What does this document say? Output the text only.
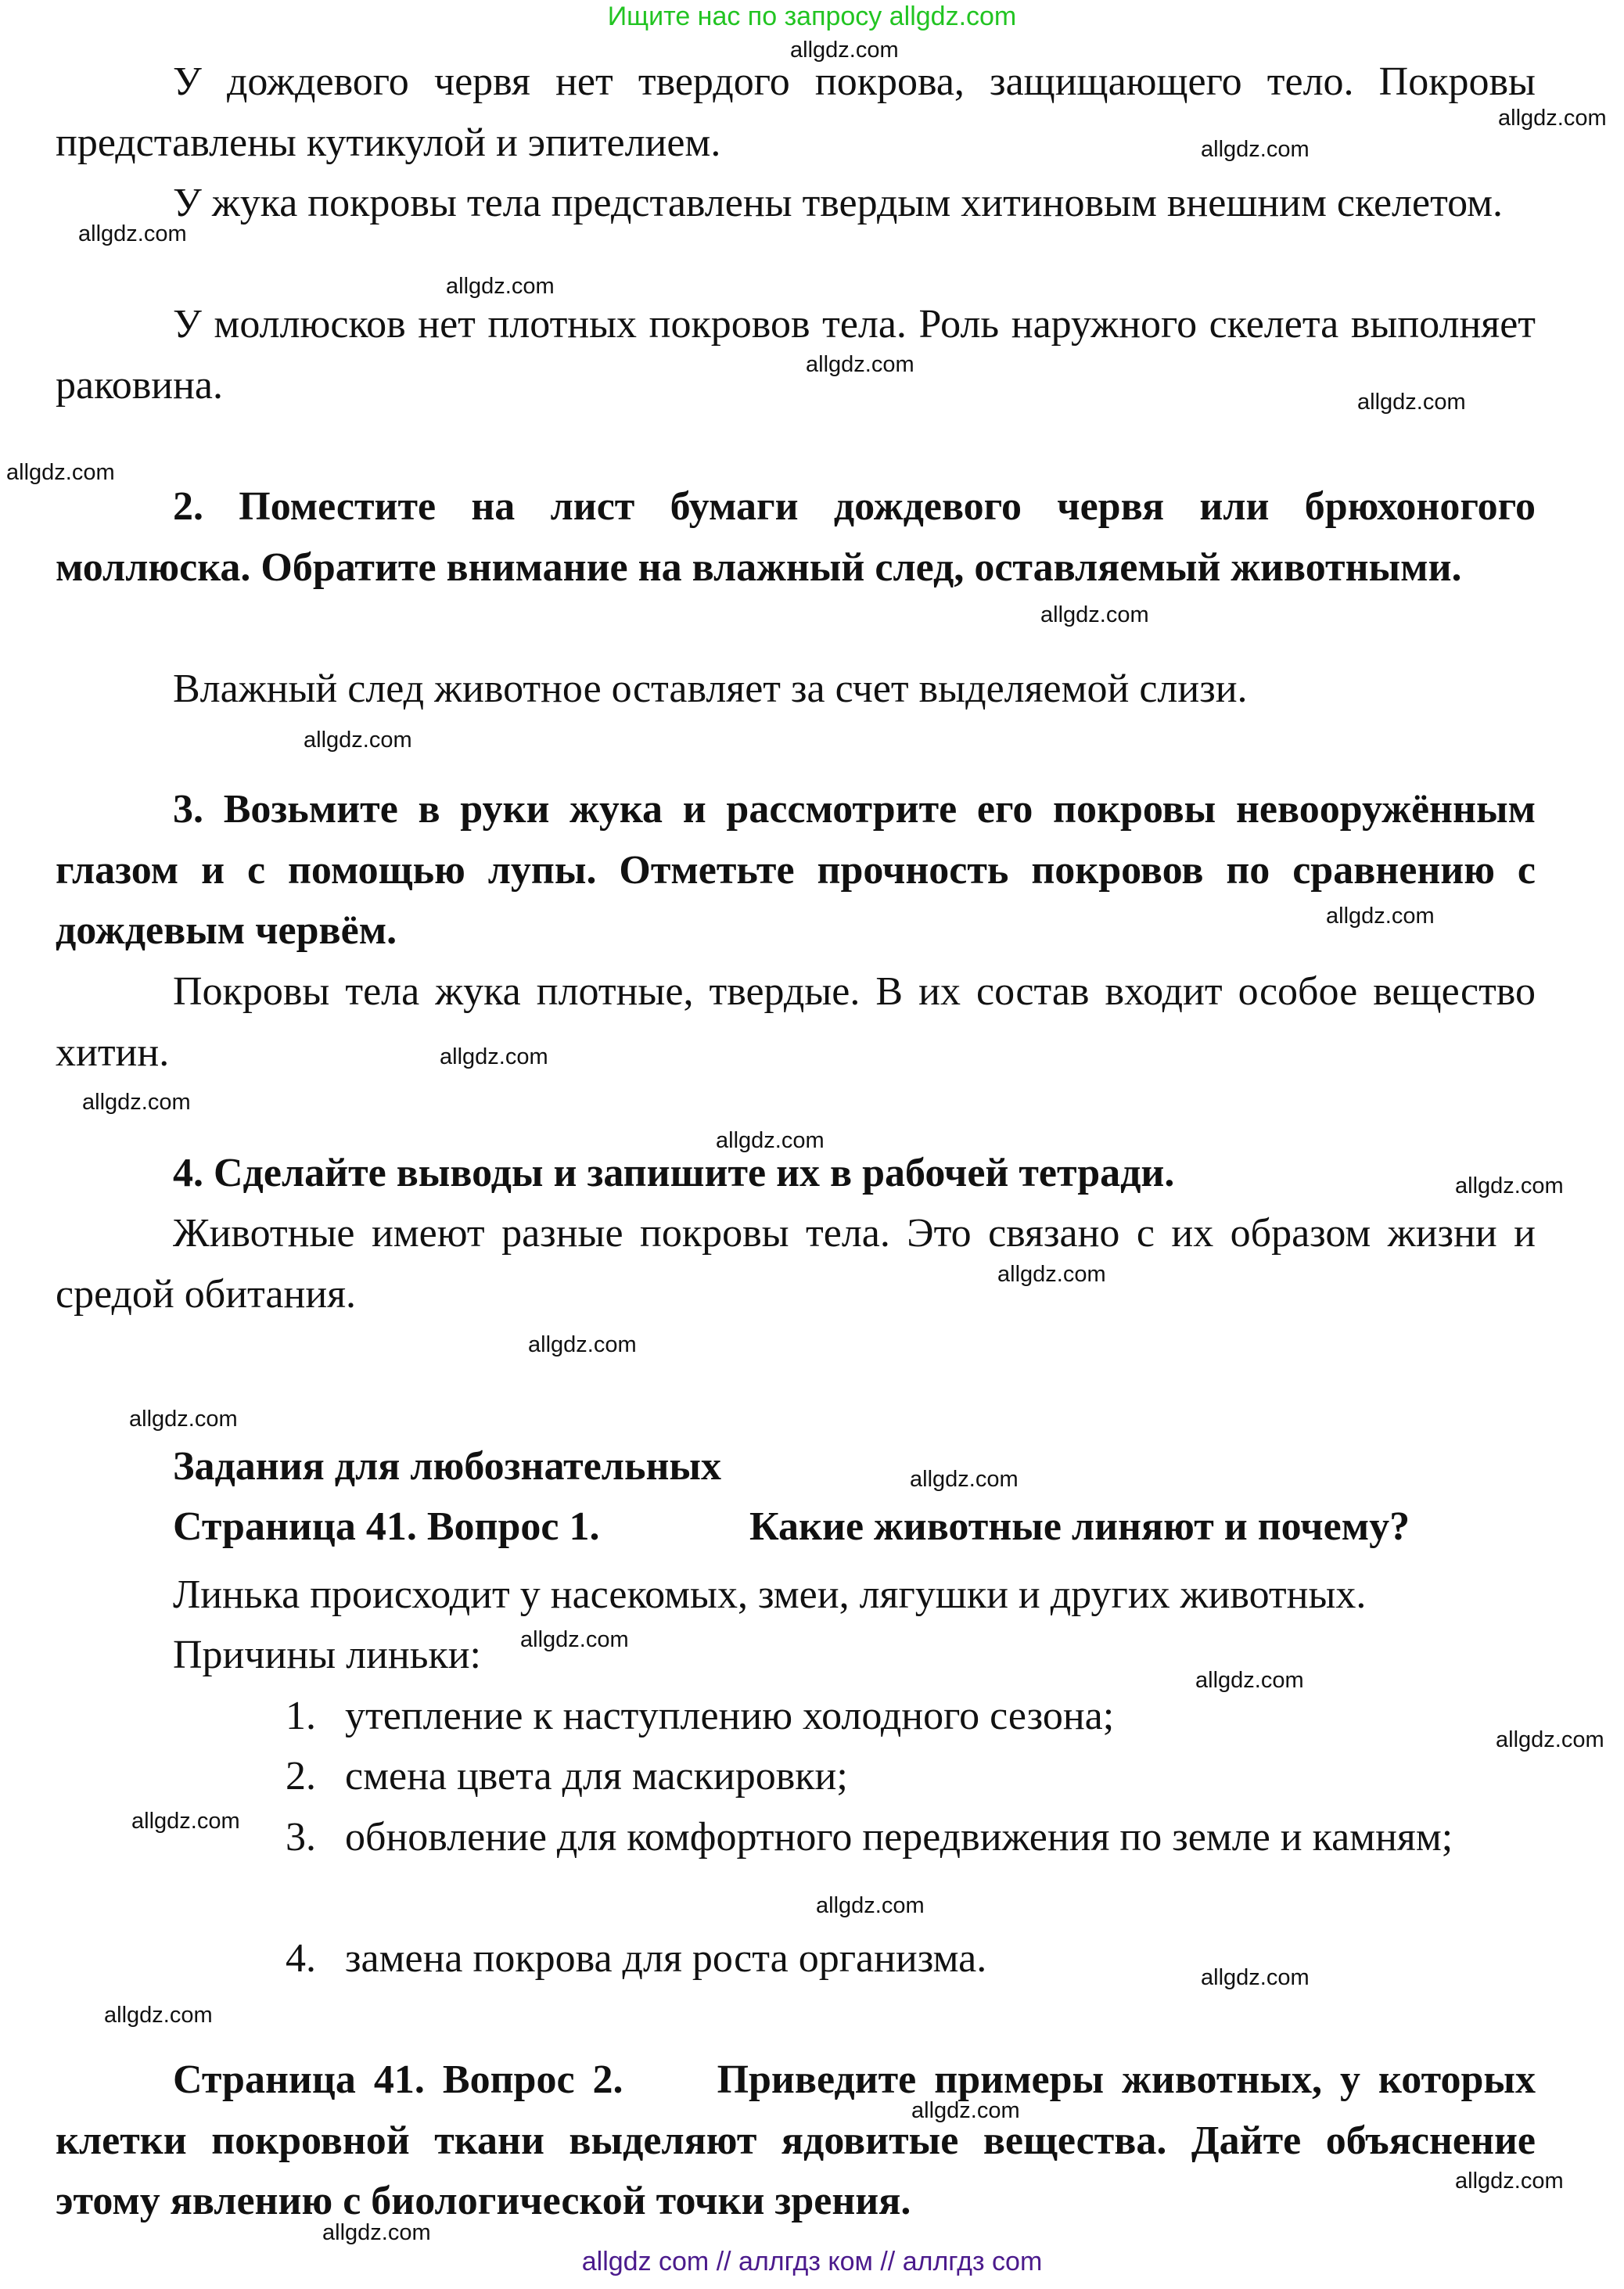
Ищите нас по запросу allgdz.com
У дождевого червя нет твердого покрова, защищающего тело. Покровы представлены кутикулой и эпителием.
У жука покровы тела представлены твердым хитиновым внешним скелетом.
У моллюсков нет плотных покровов тела. Роль наружного скелета выполняет раковина.
2. Поместите на лист бумаги дождевого червя или брюхоногого моллюска. Обратите внимание на влажный след, оставляемый животными.
Влажный след животное оставляет за счет выделяемой слизи.
3. Возьмите в руки жука и рассмотрите его покровы невооружённым глазом и с помощью лупы. Отметьте прочность покровов по сравнению с дождевым червём.
Покровы тела жука плотные, твердые. В их состав входит особое вещество хитин.
4. Сделайте выводы и запишите их в рабочей тетради.
Животные имеют разные покровы тела. Это связано с их образом жизни и средой обитания.
Задания для любознательных
Страница 41. Вопрос 1.	Какие животные линяют и почему?
Линька происходит у насекомых, змеи, лягушки и других животных.
Причины линьки:
1. утепление к наступлению холодного сезона;
2. смена цвета для маскировки;
3. обновление для комфортного передвижения по земле и камням;
4. замена покрова для роста организма.
Страница 41. Вопрос 2. Приведите примеры животных, у которых клетки покровной ткани выделяют ядовитые вещества. Дайте объяснение этому явлению с биологической точки зрения.
allgdz.com
allgdz.com
allgdz.com
allgdz.com
allgdz.com
allgdz.com
allgdz.com
allgdz.com
allgdz.com
allgdz.com
allgdz.com
allgdz.com
allgdz.com
allgdz.com
allgdz.com
allgdz.com
allgdz.com
allgdz.com
allgdz.com
allgdz.com
allgdz.com
allgdz.com
allgdz.com
allgdz.com
allgdz.com
allgdz.com
allgdz.com
allgdz.com
allgdz.com
allgdz com // аллгдз ком // аллгдз com
